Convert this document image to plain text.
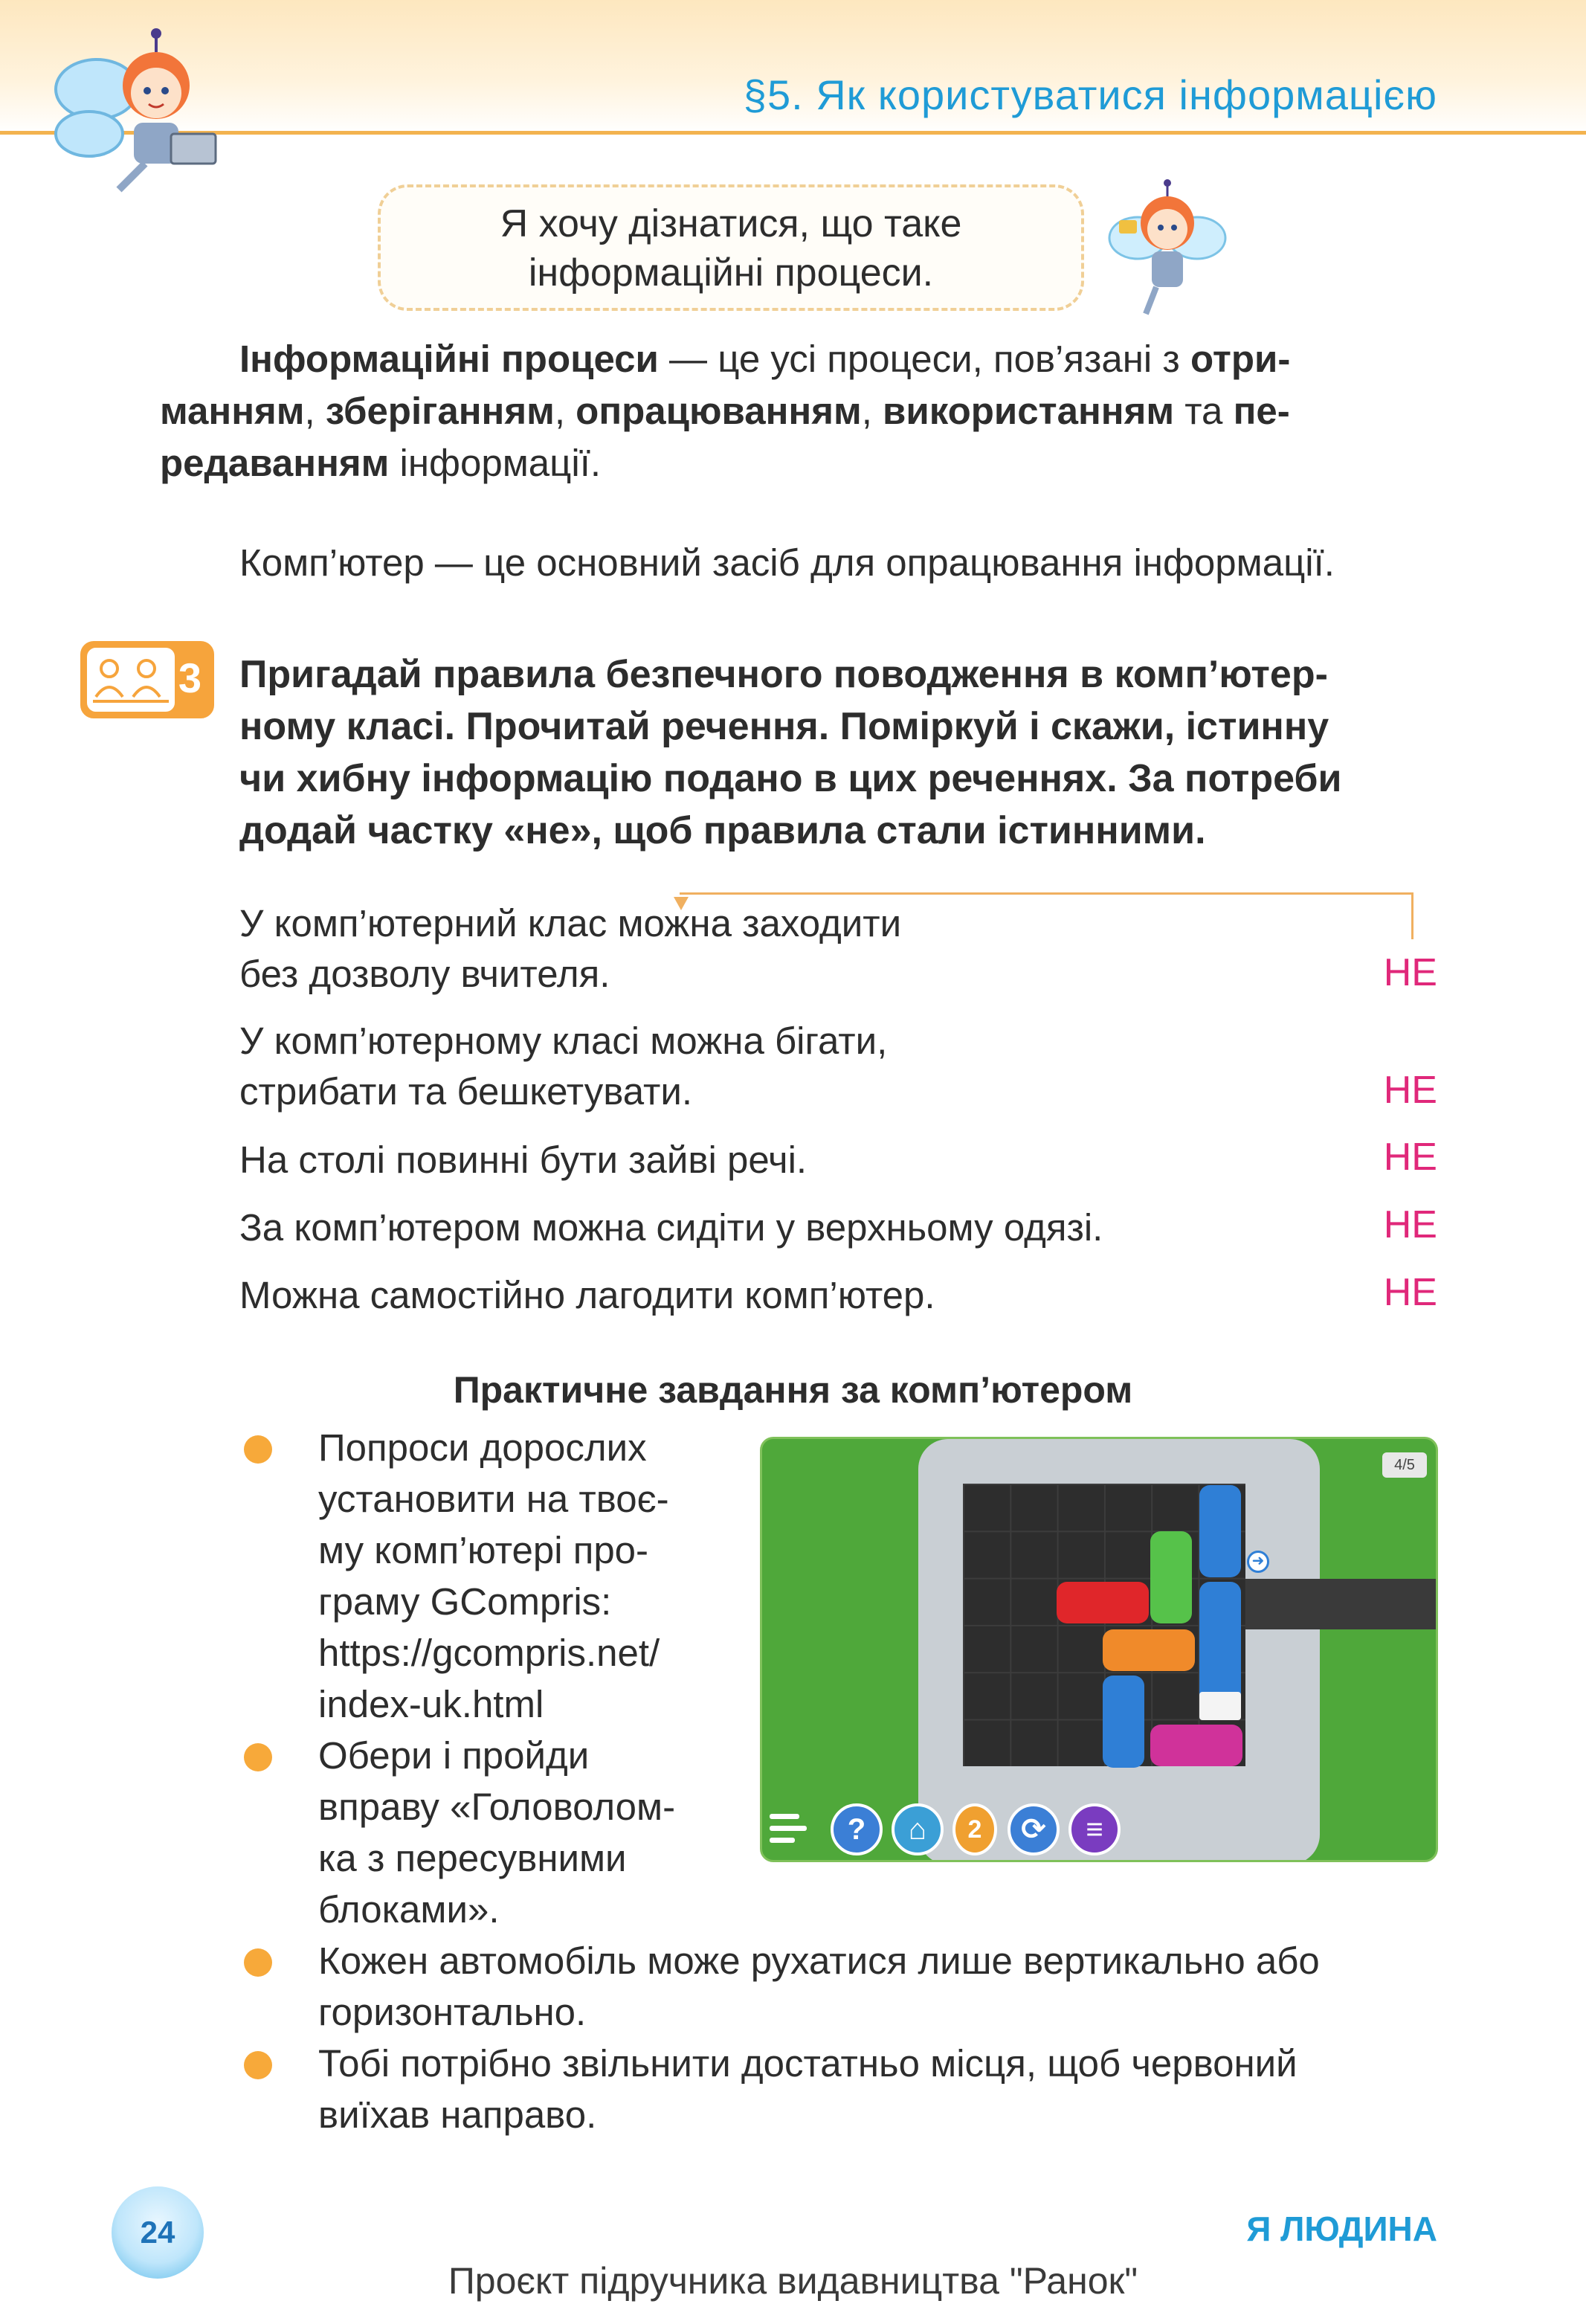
§5. Як користуватися інформацією
Я хочу дізнатися, що таке
інформаційні процеси.
Інформаційні процеси — це усі процеси, пов’язані з отри-
манням, зберіганням, опрацюванням, використанням та пе-
редаванням інформації.
Комп’ютер — це основний засіб для опрацювання інформації.
3 Пригадай правила безпечного поводження в комп’ютер-
ному класі. Прочитай речення. Поміркуй і скажи, істинну
чи хибну інформацію подано в цих реченнях. За потреби
додай частку «не», щоб правила стали істинними.
У комп’ютерний клас можна заходити
без дозволу вчителя.	НЕ
У комп’ютерному класі можна бігати,
стрибати та бешкетувати.	НЕ
На столі повинні бути зайві речі.	НЕ
За комп’ютером можна сидіти у верхньому одязі.	НЕ
Можна самостійно лагодити комп’ютер.	НЕ
Практичне завдання за комп’ютером
Попроси дорослих
установити на твоє-
му комп’ютері про-
граму GCompris:
https://gcompris.net/
index-uk.html
Обери і пройди
вправу «Головолом-
ка з пересувними
блоками».
Кожен автомобіль може рухатися лише вертикально або
горизонтально.
Тобі потрібно звільнити достатньо місця, щоб червоний
виїхав направо.
4/5
➜
?	⌂	2	⟳	≡
24	Я ЛЮДИНА
Проєкт підручника видавництва "Ранок"
